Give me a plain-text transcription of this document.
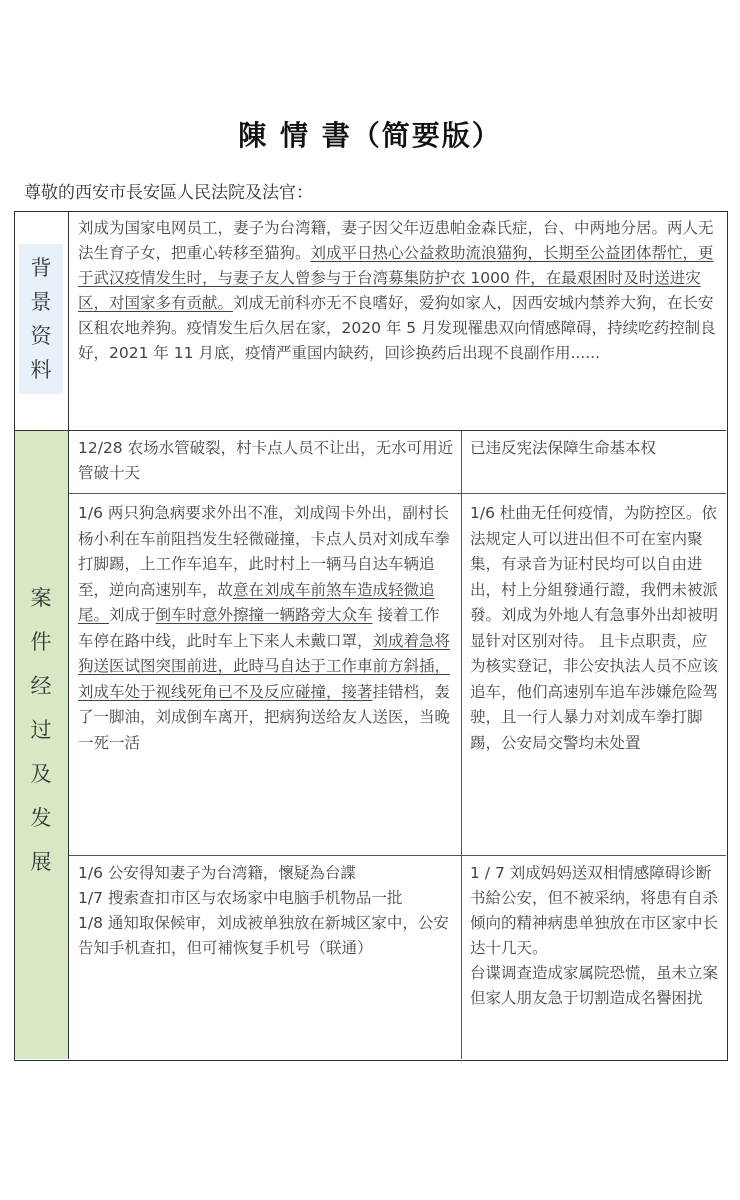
陳 情 書（简要版）
尊敬的西安市長安區人民法院及法官：
背
景
资
料
刘成为国家电网员工，妻子为台湾籍，妻子因父年迈患帕金森氏症，台、中两地分居。两人无法生育子女，把重心转移至猫狗。刘成平日热心公益救助流浪猫狗，长期至公益团体帮忙，更于武汉疫情发生时，与妻子友人曾参与于台湾募集防护衣 1000 件，在最艰困时及时送进灾区，对国家多有贡献。刘成无前科亦无不良嗜好，爱狗如家人，因西安城内禁养大狗，在长安区租农地养狗。疫情发生后久居在家，2020 年 5 月发现罹患双向情感障碍，持续吃药控制良好，2021 年 11 月底，疫情严重国内缺药，回诊换药后出现不良副作用......
案
件
经
过
及
发
展
12/28 农场水管破裂，村卡点人员不让出，无水可用近管破十天
已违反宪法保障生命基本权
1/6 两只狗急病要求外出不准，刘成闯卡外出，副村长杨小利在车前阻挡发生轻微碰撞，卡点人员对刘成车拳打脚踢，上工作车追车，此时村上一辆马自达车辆追至，逆向高速别车，故意在刘成车前煞车造成轻微追尾。刘成于倒车时意外擦撞一辆路旁大众车 接着工作车停在路中线，此时车上下来人未戴口罩，刘成着急将狗送医试图突围前进，此時马自达于工作車前方斜插，刘成车处于视线死角已不及反应碰撞，接著挂错档，轰了一脚油，刘成倒车离开，把病狗送给友人送医，当晚一死一活
1/6 杜曲无任何疫情，为防控区。依法规定人可以进出但不可在室内聚集，有录音为证村民均可以自由进出，村上分組發通行證，我們未被派發。刘成为外地人有急事外出却被明显针对区别对待。 且卡点职责，应为核实登记，非公安执法人员不应该追车，他们高速别车追车涉嫌危险驾驶，且一行人暴力对刘成车拳打脚踢，公安局交警均未处置
1/6 公安得知妻子为台湾籍，懷疑為台諜
1/7 搜索查扣市区与农场家中电脑手机物品一批
1/8 通知取保候审，刘成被单独放在新城区家中，公安告知手机查扣，但可補恢复手机号（联通）
1 / 7 刘成妈妈送双相情感障碍诊断书給公安，但不被采纳，将患有自杀倾向的精神病患单独放在市区家中长达十几天。
台谍调查造成家属院恐慌，虽未立案但家人朋友急于切割造成名譽困扰
